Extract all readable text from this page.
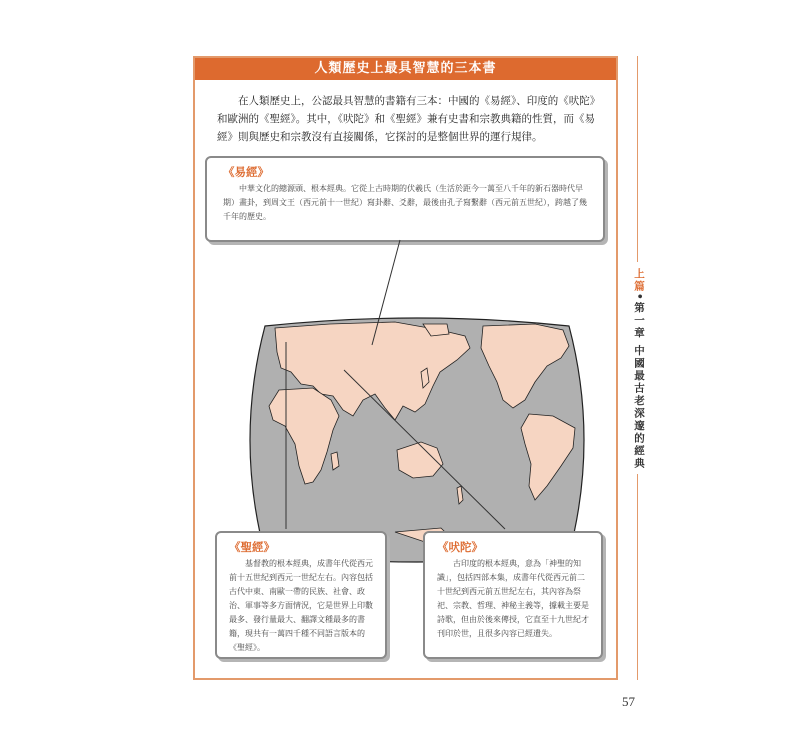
人類歷史上最具智慧的三本書

在人類歷史上，公認最具智慧的書籍有三本：中國的《易經》、印度的《吠陀》和歐洲的《聖經》。其中，《吠陀》和《聖經》兼有史書和宗教典籍的性質，而《易經》則與歷史和宗教沒有直接關係，它探討的是整個世界的運行規律。

《易經》

中華文化的總源頭、根本經典。它從上古時期的伏羲氏（生活於距今一萬至八千年的新石器時代早期）畫卦，到周文王（西元前十一世紀）寫卦辭、爻辭，最後由孔子寫繫辭（西元前五世紀），跨越了幾千年的歷史。

《聖經》

基督教的根本經典，成書年代從西元前十五世紀到西元一世紀左右。內容包括古代中東、南歐一帶的民族、社會、政治、軍事等多方面情況，它是世界上印數最多、發行量最大、翻譯文種最多的書籍，現共有一萬四千種不同語言版本的《聖經》。

《吠陀》

古印度的根本經典，意為「神聖的知識」，包括四部本集，成書年代從西元前二十世紀到西元前五世紀左右，其內容為祭祀、宗教、哲理、神秘主義等，據載主要是詩歌，但由於後來傳授，它直至十九世紀才刊印於世，且很多內容已經遺失。

上篇•第一章 中國最古老深邃的經典
57
